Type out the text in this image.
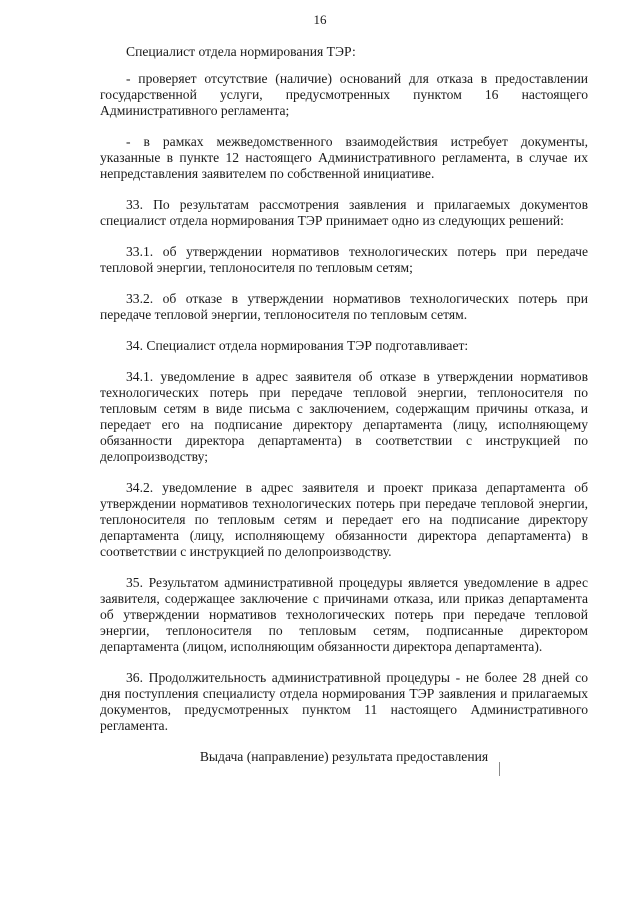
16

Специалист отдела нормирования ТЭР:

- проверяет отсутствие (наличие) оснований для отказа в предоставлении государственной услуги, предусмотренных пунктом 16 настоящего Административного регламента;

- в рамках межведомственного взаимодействия истребует документы, указанные в пункте 12 настоящего Административного регламента, в случае их непредставления заявителем по собственной инициативе.

33. По результатам рассмотрения заявления и прилагаемых документов специалист отдела нормирования ТЭР принимает одно из следующих решений:

33.1. об утверждении нормативов технологических потерь при передаче тепловой энергии, теплоносителя по тепловым сетям;

33.2. об отказе в утверждении нормативов технологических потерь при передаче тепловой энергии, теплоносителя по тепловым сетям.

34. Специалист отдела нормирования ТЭР подготавливает:

34.1. уведомление в адрес заявителя об отказе в утверждении нормативов технологических потерь при передаче тепловой энергии, теплоносителя по тепловым сетям в виде письма с заключением, содержащим причины отказа, и передает его на подписание директору департамента (лицу, исполняющему обязанности директора департамента) в соответствии с инструкцией по делопроизводству;

34.2. уведомление в адрес заявителя и проект приказа департамента об утверждении нормативов технологических потерь при передаче тепловой энергии, теплоносителя по тепловым сетям и передает его на подписание директору департамента (лицу, исполняющему обязанности директора департамента) в соответствии с инструкцией по делопроизводству.

35. Результатом административной процедуры является уведомление в адрес заявителя, содержащее заключение с причинами отказа, или приказ департамента об утверждении нормативов технологических потерь при передаче тепловой энергии, теплоносителя по тепловым сетям, подписанные директором департамента (лицом, исполняющим обязанности директора департамента).

36. Продолжительность административной процедуры - не более 28 дней со дня поступления специалисту отдела нормирования ТЭР заявления и прилагаемых документов, предусмотренных пунктом 11 настоящего Административного регламента.

Выдача (направление) результата предоставления
